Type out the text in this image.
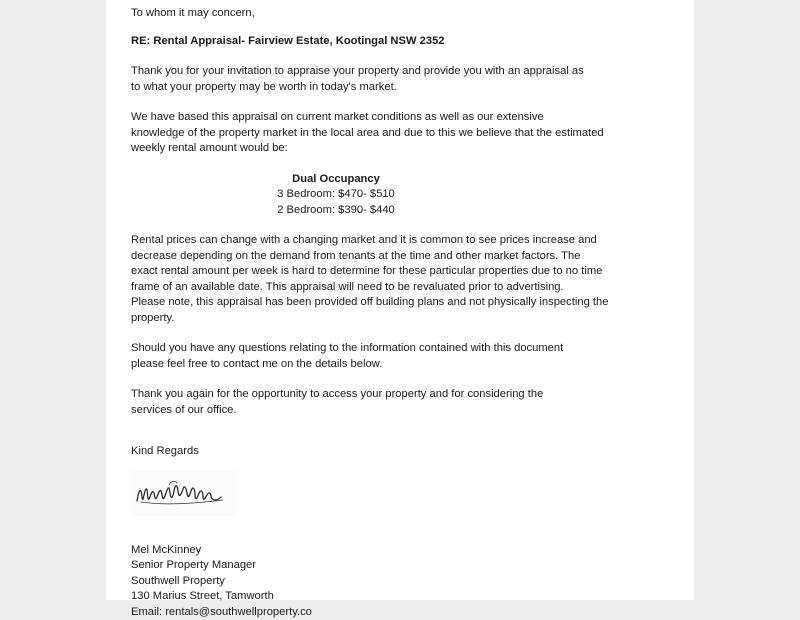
To whom it may concern,
RE: Rental Appraisal- Fairview Estate, Kootingal NSW 2352
Thank you for your invitation to appraise your property and provide you with an appraisal as
to what your property may be worth in today's market.
We have based this appraisal on current market conditions as well as our extensive
knowledge of the property market in the local area and due to this we believe that the estimated
weekly rental amount would be:
Dual Occupancy
3 Bedroom: $470- $510
2 Bedroom: $390- $440
Rental prices can change with a changing market and it is common to see prices increase and
decrease depending on the demand from tenants at the time and other market factors. The
exact rental amount per week is hard to determine for these particular properties due to no time
frame of an available date. This appraisal will need to be revaluated prior to advertising.
Please note, this appraisal has been provided off building plans and not physically inspecting the
property.
Should you have any questions relating to the information contained with this document
please feel free to contact me on the details below.
Thank you again for the opportunity to access your property and for considering the
services of our office.
Kind Regards
Mel McKinney
Senior Property Manager
Southwell Property
130 Marius Street, Tamworth
Email: rentals@southwellproperty.co
